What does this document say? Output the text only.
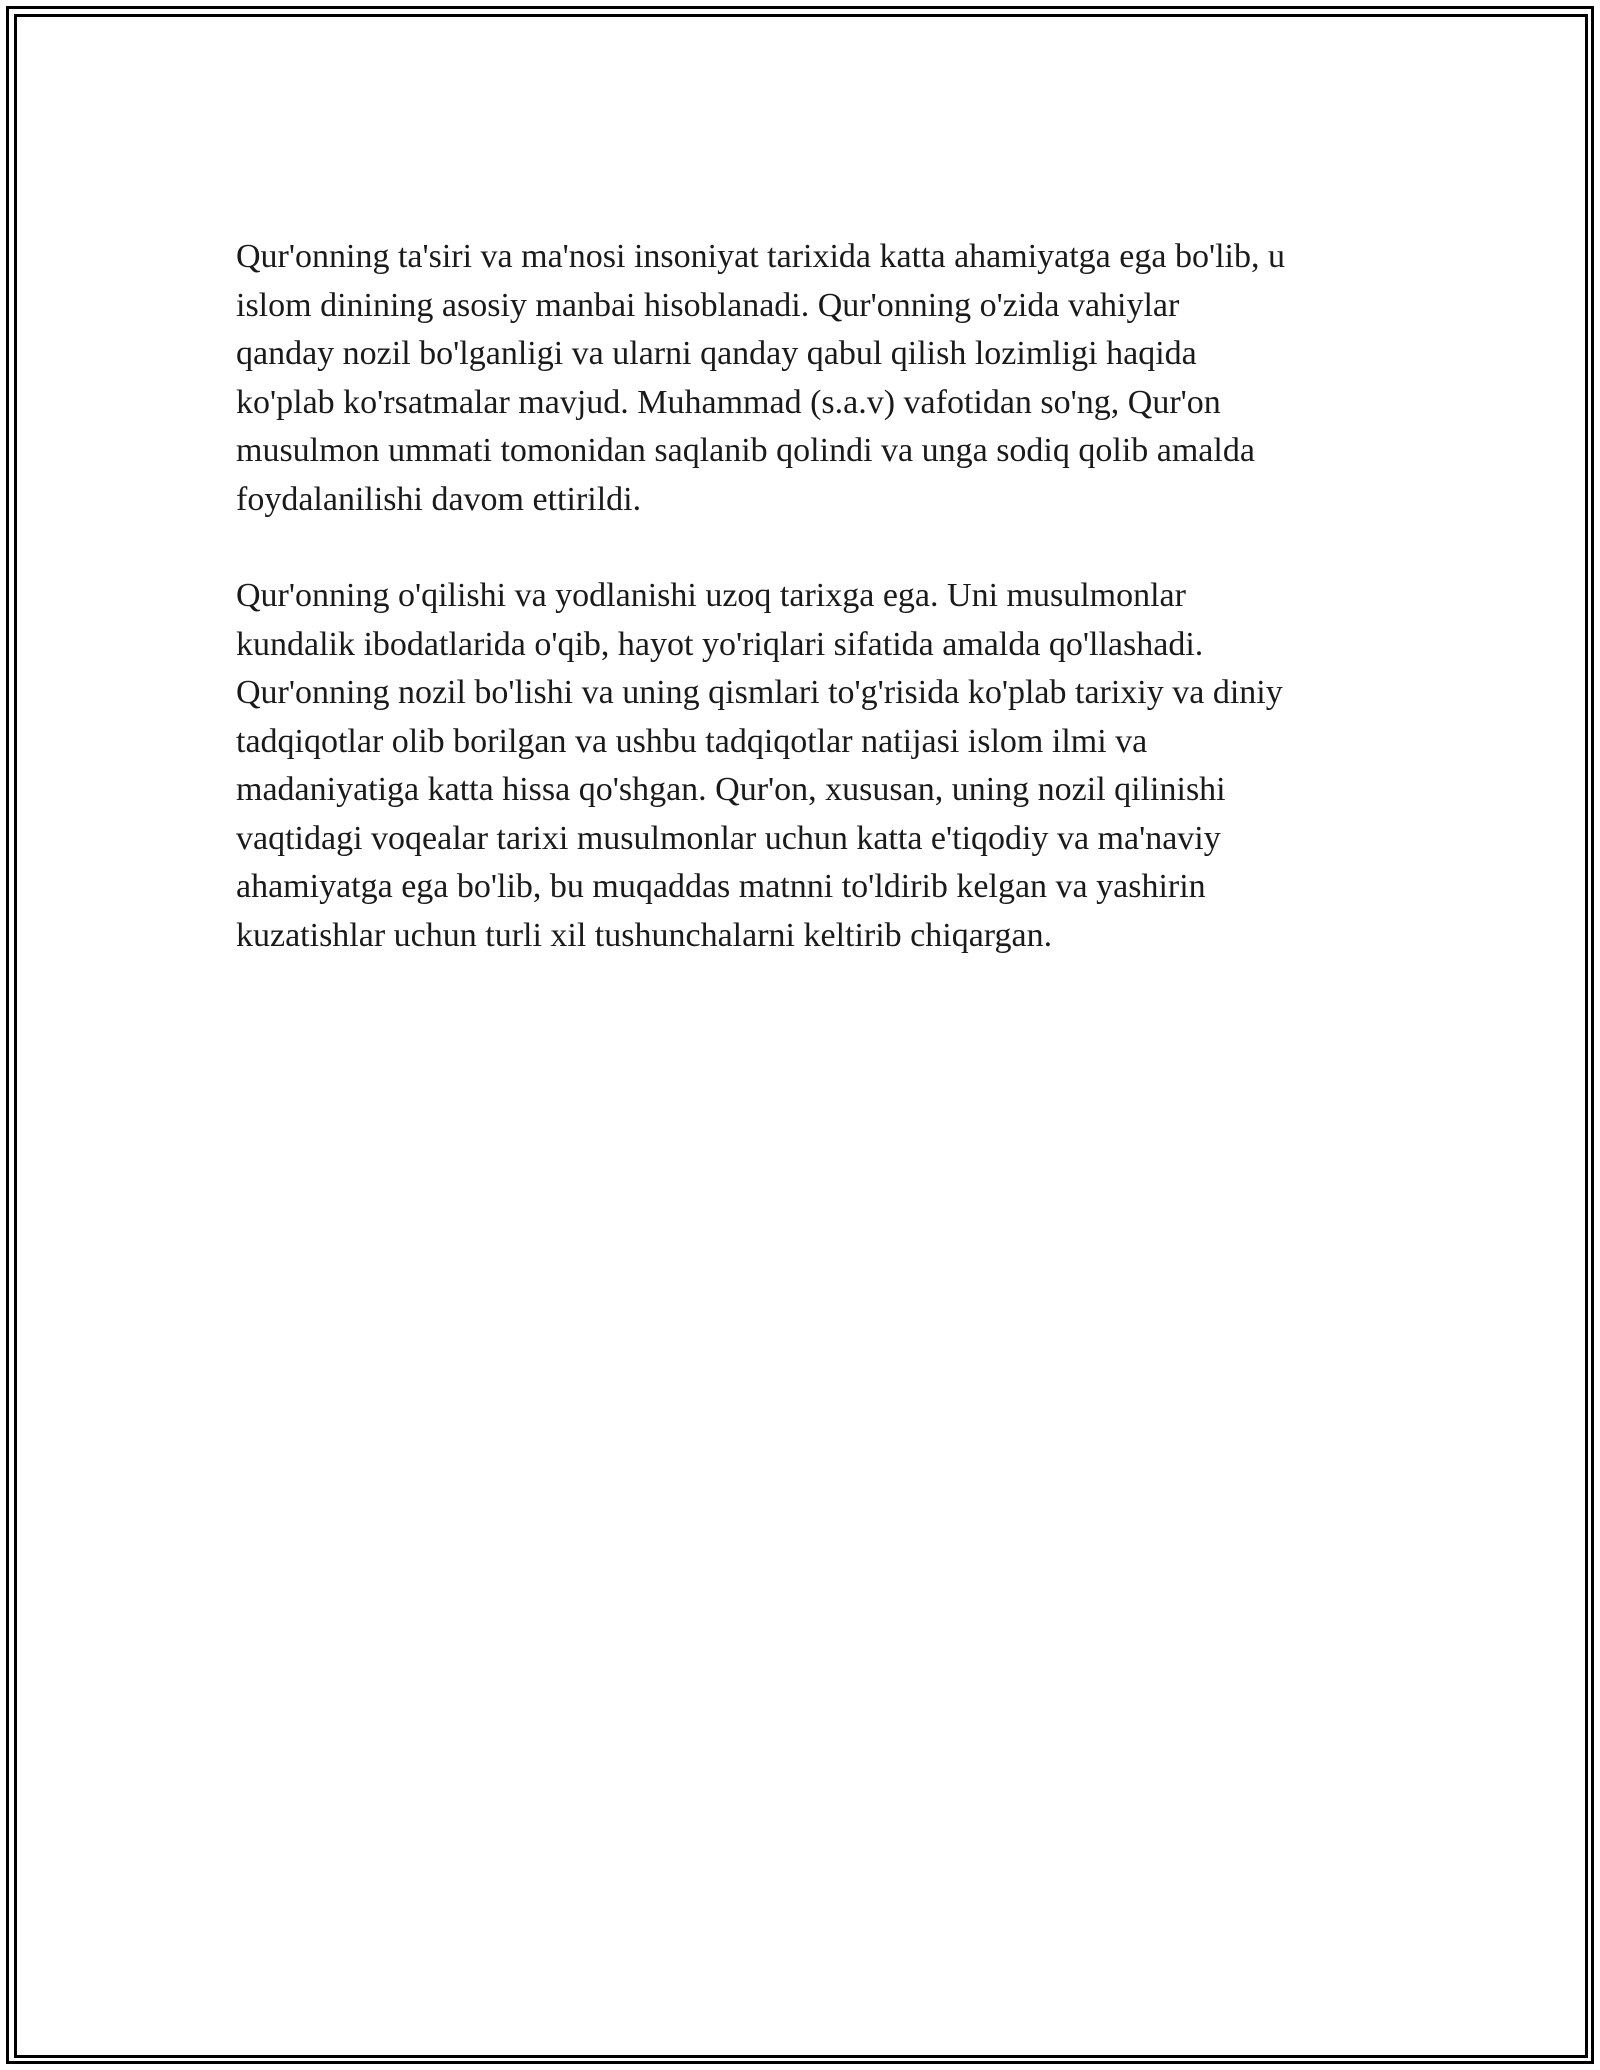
Qur'onning ta'siri va ma'nosi insoniyat tarixida katta ahamiyatga ega bo'lib, u
islom dinining asosiy manbai hisoblanadi. Qur'onning o'zida vahiylar
qanday nozil bo'lganligi va ularni qanday qabul qilish lozimligi haqida
ko'plab ko'rsatmalar mavjud. Muhammad (s.a.v) vafotidan so'ng, Qur'on
musulmon ummati tomonidan saqlanib qolindi va unga sodiq qolib amalda
foydalanilishi davom ettirildi.

Qur'onning o'qilishi va yodlanishi uzoq tarixga ega. Uni musulmonlar
kundalik ibodatlarida o'qib, hayot yo'riqlari sifatida amalda qo'llashadi.
Qur'onning nozil bo'lishi va uning qismlari to'g'risida ko'plab tarixiy va diniy
tadqiqotlar olib borilgan va ushbu tadqiqotlar natijasi islom ilmi va
madaniyatiga katta hissa qo'shgan. Qur'on, xususan, uning nozil qilinishi
vaqtidagi voqealar tarixi musulmonlar uchun katta e'tiqodiy va ma'naviy
ahamiyatga ega bo'lib, bu muqaddas matnni to'ldirib kelgan va yashirin
kuzatishlar uchun turli xil tushunchalarni keltirib chiqargan.
